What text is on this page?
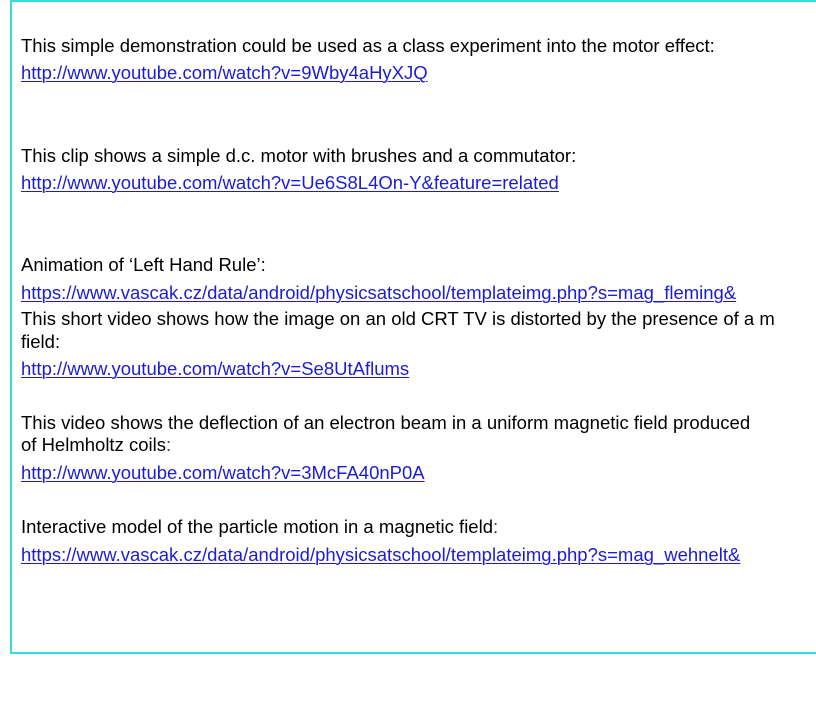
This simple demonstration could be used as a class experiment into the motor effect:
http://www.youtube.com/watch?v=9Wby4aHyXJQ
This clip shows a simple d.c. motor with brushes and a commutator:
http://www.youtube.com/watch?v=Ue6S8L4On-Y&feature=related
Animation of ‘Left Hand Rule’:
https://www.vascak.cz/data/android/physicsatschool/templateimg.php?s=mag_fleming&
This short video shows how the image on an old CRT TV is distorted by the presence of a m
field:
http://www.youtube.com/watch?v=Se8UtAflums
This video shows the deflection of an electron beam in a uniform magnetic field produced
of Helmholtz coils:
http://www.youtube.com/watch?v=3McFA40nP0A
Interactive model of the particle motion in a magnetic field:
https://www.vascak.cz/data/android/physicsatschool/templateimg.php?s=mag_wehnelt&
